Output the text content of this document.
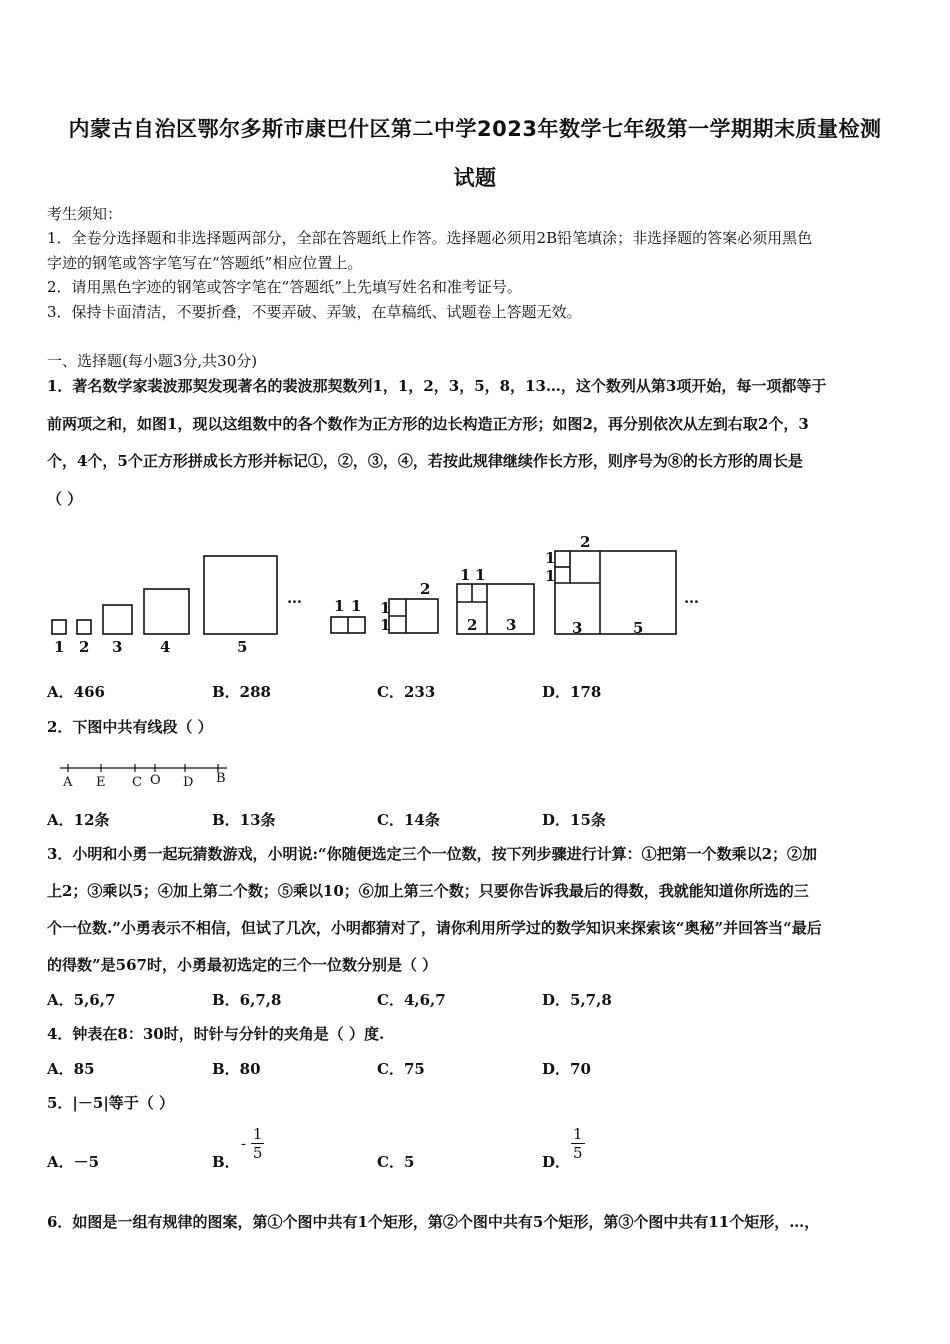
内蒙古自治区鄂尔多斯市康巴什区第二中学2023年数学七年级第一学期期末质量检测
试题
考生须知：
1．全卷分选择题和非选择题两部分，全部在答题纸上作答。选择题必须用2B铅笔填涂；非选择题的答案必须用黑色
字迹的钢笔或答字笔写在“答题纸”相应位置上。
2．请用黑色字迹的钢笔或答字笔在“答题纸”上先填写姓名和准考证号。
3．保持卡面清洁，不要折叠，不要弄破、弄皱，在草稿纸、试题卷上答题无效。
一、选择题(每小题3分,共30分)
1．著名数学家裴波那契发现著名的裴波那契数列1，1，2，3，5，8，13…，这个数列从第3项开始，每一项都等于
前两项之和，如图1，现以这组数中的各个数作为正方形的边长构造正方形；如图2，再分别依次从左到右取2个，3
个，4个，5个正方形拼成长方形并标记①，②，③，④，若按此规律继续作长方形，则序号为⑧的长方形的周长是
（ ）
1 2 3	4	5
… 1 1
2
1
1	2 3
1 1
2
3	5
1
1
…
A．466	B．288	C．233	D．178
2．下图中共有线段（ ）
A E C O D B
A．12条	B．13条	C．14条	D．15条
3．小明和小勇一起玩猜数游戏，小明说:“你随便选定三个一位数，按下列步骤进行计算：①把第一个数乘以2；②加
上2；③乘以5；④加上第二个数；⑤乘以10；⑥加上第三个数；只要你告诉我最后的得数，我就能知道你所选的三
个一位数.”小勇表示不相信，但试了几次，小明都猜对了，请你利用所学过的数学知识来探索该“奥秘”并回答当“最后
的得数”是567时，小勇最初选定的三个一位数分别是（ ）
A．5,6,7	B．6,7,8	C．4,6,7	D．5,7,8
4．钟表在8：30时，时针与分针的夹角是（ ）度.
A．85	B．80	C．75	D．70
5．|－5|等于（ ）
A．－5	B．
- $\frac{1}{5}$	C．5	D． $\frac{1}{5}$
6．如图是一组有规律的图案，第①个图中共有1个矩形，第②个图中共有5个矩形，第③个图中共有11个矩形，…，
